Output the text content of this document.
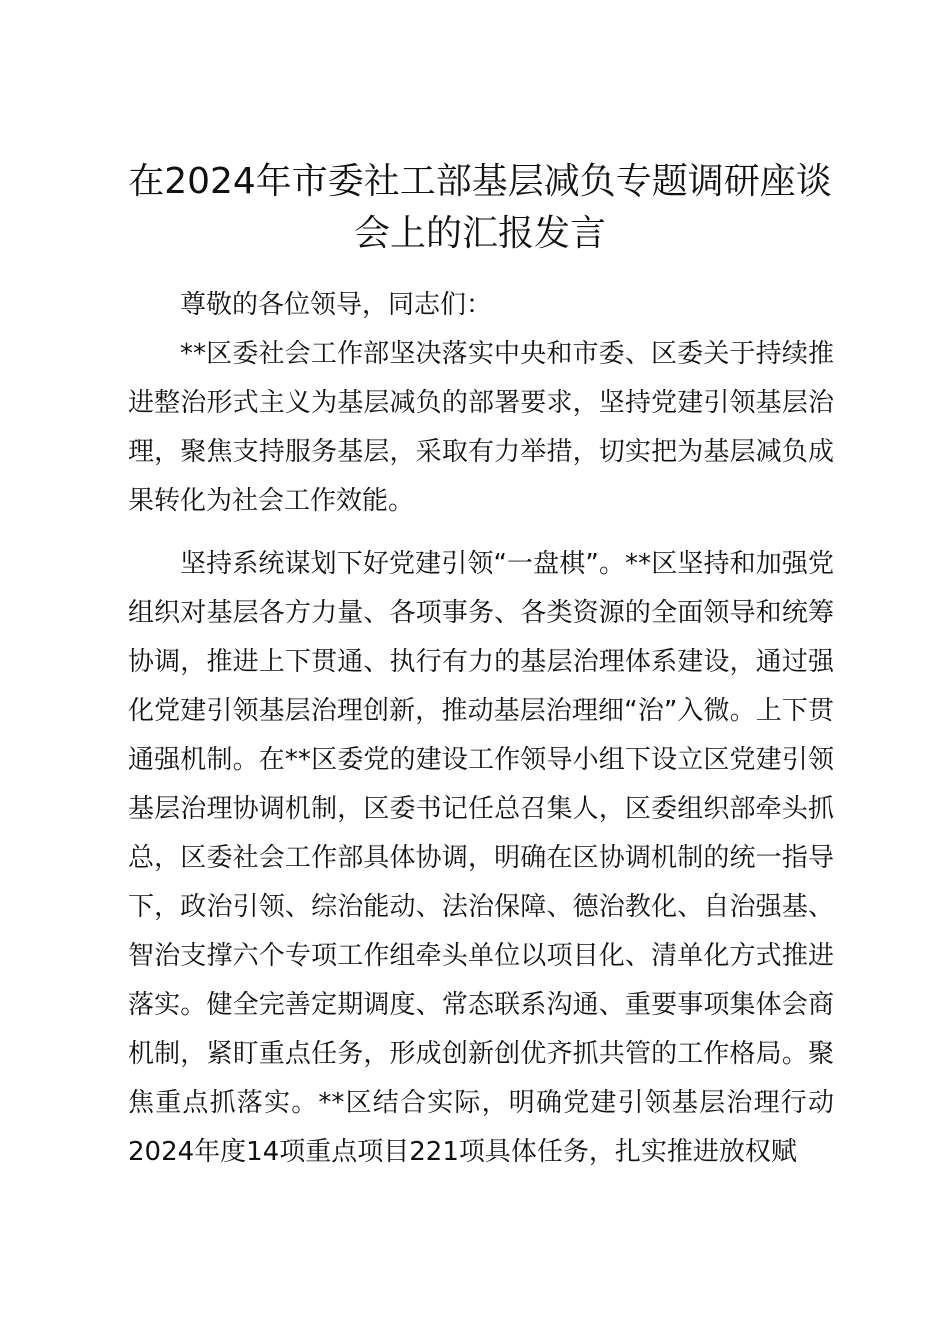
在2024年市委社工部基层减负专题调研座谈会上的汇报发言

尊敬的各位领导，同志们：

**区委社会工作部坚决落实中央和市委、区委关于持续推进整治形式主义为基层减负的部署要求，坚持党建引领基层治理，聚焦支持服务基层，采取有力举措，切实把为基层减负成果转化为社会工作效能。

坚持系统谋划下好党建引领“一盘棋”。**区坚持和加强党组织对基层各方力量、各项事务、各类资源的全面领导和统筹协调，推进上下贯通、执行有力的基层治理体系建设，通过强化党建引领基层治理创新，推动基层治理细“治”入微。上下贯通强机制。在**区委党的建设工作领导小组下设立区党建引领基层治理协调机制，区委书记任总召集人，区委组织部牵头抓总，区委社会工作部具体协调，明确在区协调机制的统一指导下，政治引领、综治能动、法治保障、德治教化、自治强基、智治支撑六个专项工作组牵头单位以项目化、清单化方式推进落实。健全完善定期调度、常态联系沟通、重要事项集体会商机制，紧盯重点任务，形成创新创优齐抓共管的工作格局。聚焦重点抓落实。**区结合实际，明确党建引领基层治理行动2024年度14项重点项目221项具体任务，扎实推进放权赋
